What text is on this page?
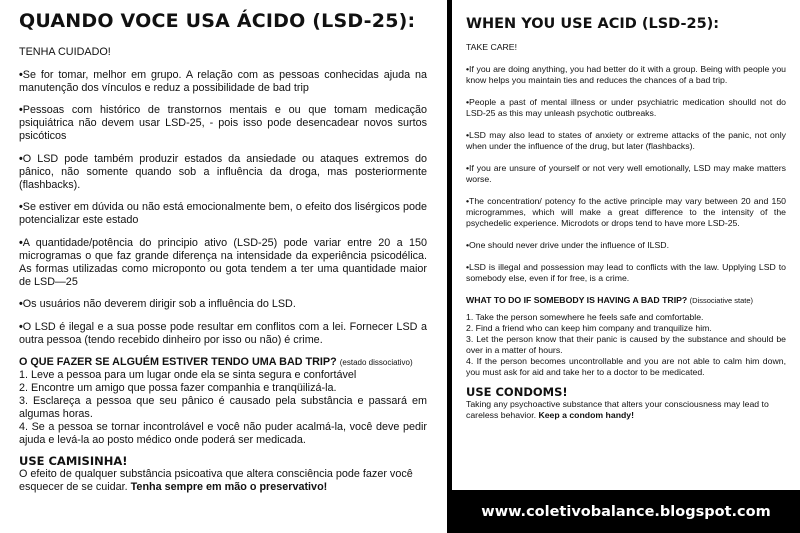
QUANDO VOCE USA ÁCIDO (LSD-25):

TENHA CUIDADO!

• Se for tomar, melhor em grupo. A relação com as pessoas conhecidas ajuda na manutenção dos vínculos e reduz a possibilidade de bad trip

• Pessoas com histórico de transtornos mentais e ou que tomam medicação psiquiátrica não devem usar LSD-25, - pois isso pode desencadear novos surtos psicóticos

• O LSD pode também produzir estados da ansiedade ou ataques extremos do pânico, não somente quando sob a influência da droga, mas posteriormente (flashbacks).

• Se estiver em dúvida ou não está emocionalmente bem, o efeito dos lisérgicos pode potencializar este estado

• A quantidade/potência do principio ativo (LSD-25) pode variar entre 20 a 150 microgramas o que faz grande diferença na intensidade da experiência psicodélica. As formas utilizadas como microponto ou gota tendem a ter uma quantidade maior de LSD—25

• Os usuários não deverem dirigir sob a influência do LSD.

• O LSD é ilegal e a sua posse pode resultar em conflitos com a lei. Fornecer LSD a outra pessoa (tendo recebido dinheiro por isso ou não) é crime.

O QUE FAZER SE ALGUÉM ESTIVER TENDO UMA BAD TRIP? (estado dissociativo)
1. Leve a pessoa para um lugar onde ela se sinta segura e confortável
2. Encontre um amigo que possa fazer companhia e tranqüilizá-la.
3. Esclareça a pessoa que seu pânico é causado pela substância e passará em algumas horas.
4. Se a pessoa se tornar incontrolável e você não puder acalmá-la, você deve pedir ajuda e levá-la ao posto médico onde poderá ser medicada.
USE CAMISINHA!
O efeito de qualquer substância psicoativa que altera consciência pode fazer você esquecer de se cuidar. Tenha sempre em mão o preservativo!
WHEN YOU USE ACID (LSD-25):

TAKE CARE!

• If you are doing anything, you had better do it with a group. Being with people you know helps you maintain ties and reduces the chances of a bad trip.

• People a past of mental illness or under psychiatric medication shoulld not do LSD-25 as this may unleash psychotic outbreaks.

• LSD may also lead to states of anxiety or extreme attacks of the panic, not only when under the influence of the drug, but later (flashbacks).

• If you are unsure of yourself or not very well emotionally, LSD may make matters worse.

• The concentration/ potency fo the active principle may vary between 20 and 150 microgrammes, which will make a great difference to the intensity of the psychedelic experience. Microdots or drops tend to have more LSD-25.

• One should never drive under the influence of ILSD.

• LSD is illegal and possession may lead to conflicts with the law. Upplying LSD to somebody else, even if for free, is a crime.

WHAT TO DO IF SOMEBODY IS HAVING A BAD TRIP? (Dissociative state)
1. Take the person somewhere he feels safe and comfortable.
2. Find a friend who can keep him company and tranquilize him.
3. Let the person know that their panic is caused by the substance and should be over in a matter of hours.
4. If the person becomes uncontrollable and you are not able to calm him down, you must ask for aid and take her to a doctor to be medicated.
USE CONDOMS!
Taking any psychoactive substance that alters your consciousness may lead to careless behavior. Keep a condom handy!
www.coletivobalance.blogspot.com
